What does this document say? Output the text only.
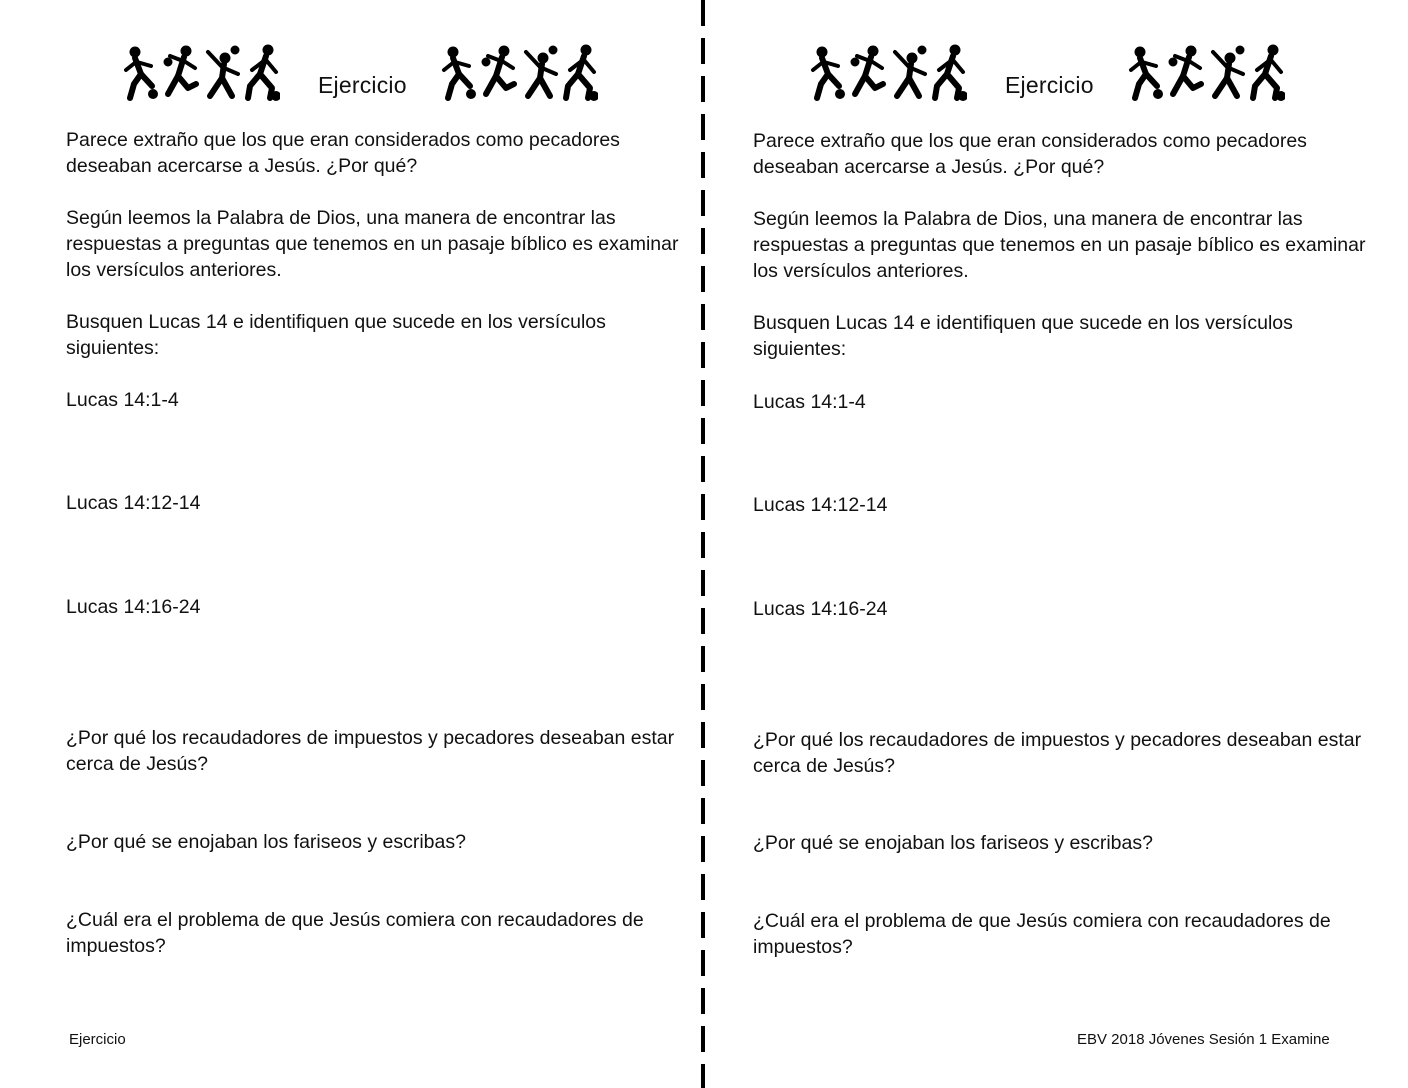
Ejercicio
Parece extraño que los que eran considerados como pecadores deseaban acercarse a Jesús. ¿Por qué?
Según leemos la Palabra de Dios, una manera de encontrar las respuestas a preguntas que tenemos en un pasaje bíblico es examinar los versículos anteriores.
Busquen Lucas 14 e identifiquen que sucede en los versículos siguientes:
Lucas 14:1-4
Lucas 14:12-14
Lucas 14:16-24
¿Por qué los recaudadores de impuestos y pecadores deseaban estar cerca de Jesús?
¿Por qué se enojaban los fariseos y escribas?
¿Cuál era el problema de que Jesús comiera con recaudadores de impuestos?
Ejercicio
Parece extraño que los que eran considerados como pecadores deseaban acercarse a Jesús. ¿Por qué?
Según leemos la Palabra de Dios, una manera de encontrar las respuestas a preguntas que tenemos en un pasaje bíblico es examinar los versículos anteriores.
Busquen Lucas 14 e identifiquen que sucede en los versículos siguientes:
Lucas 14:1-4
Lucas 14:12-14
Lucas 14:16-24
¿Por qué los recaudadores de impuestos y pecadores deseaban estar cerca de Jesús?
¿Por qué se enojaban los fariseos y escribas?
¿Cuál era el problema de que Jesús comiera con recaudadores de impuestos?
Ejercicio	EBV 2018 Jóvenes Sesión 1 Examine
